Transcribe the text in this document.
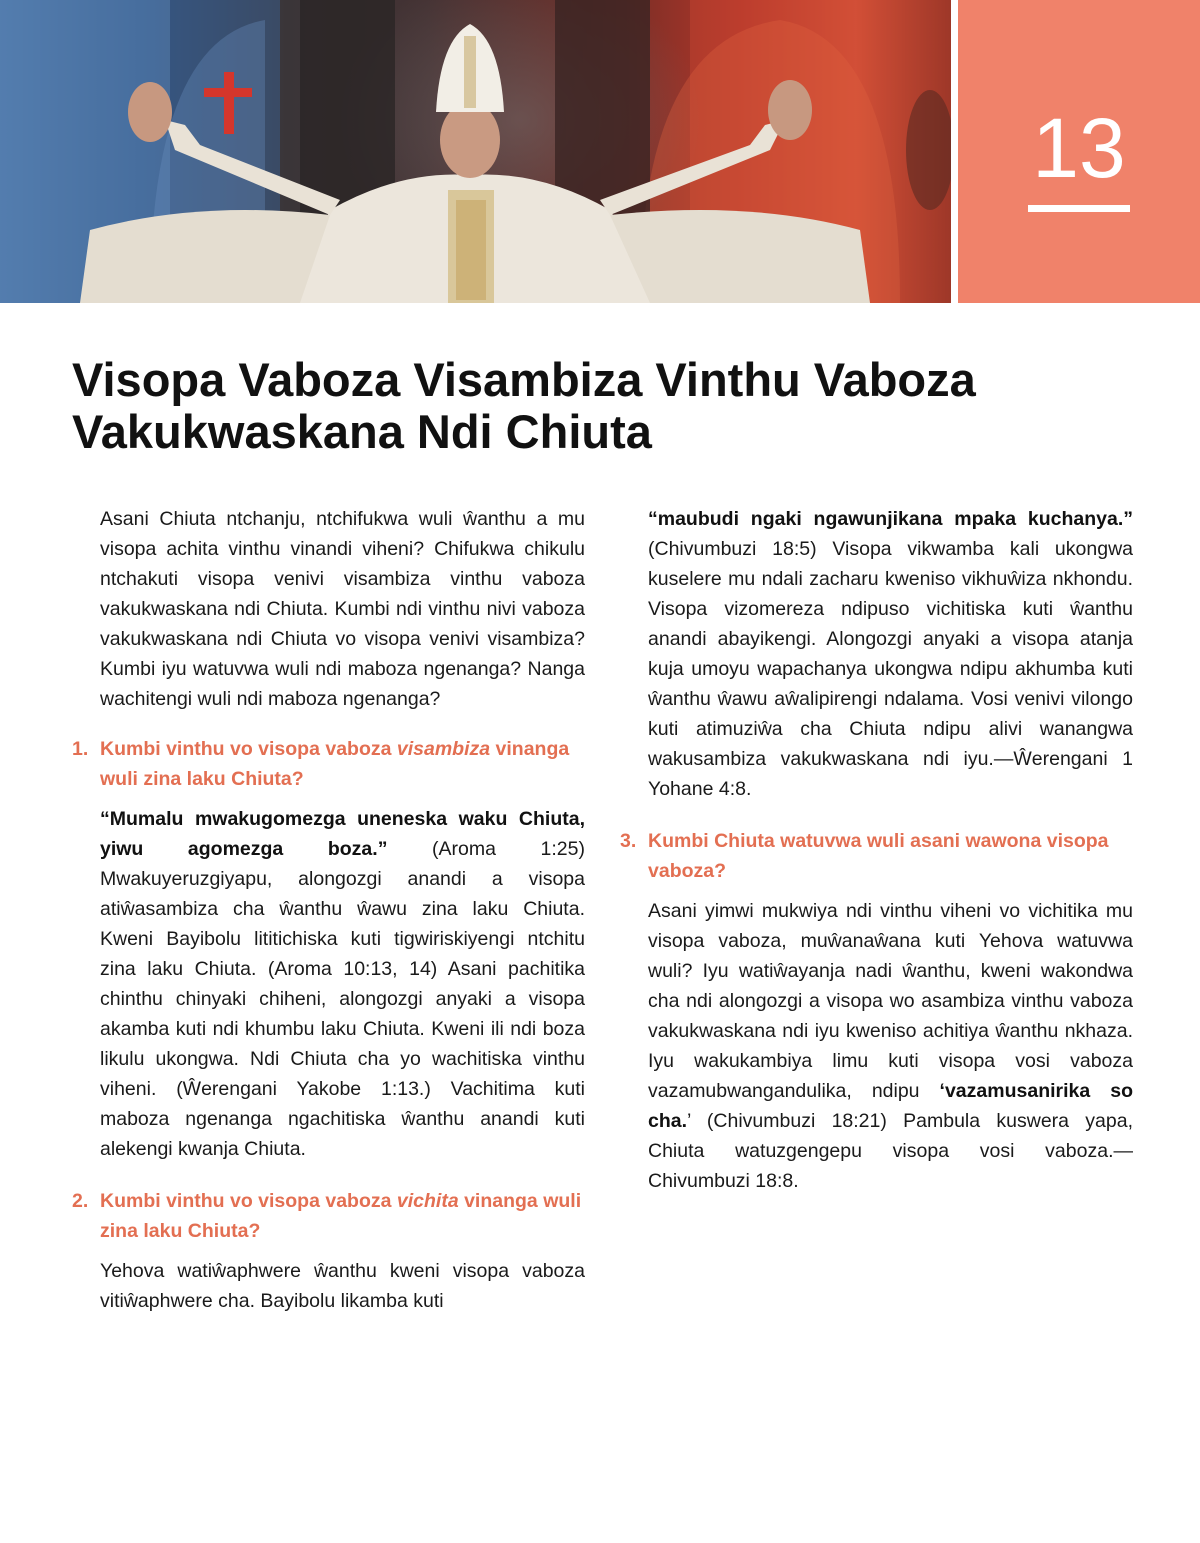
13
Visopa Vaboza Visambiza Vinthu Vaboza Vakukwaskana Ndi Chiuta

Asani Chiuta ntchanju, ntchifukwa wuli ŵanthu a mu visopa achita vinthu vinandi viheni? Chifukwa chikulu ntchakuti visopa venivi visambiza vinthu vaboza vakukwaskana ndi Chiuta. Kumbi ndi vinthu nivi vaboza vakukwaskana ndi Chiuta vo visopa venivi visambiza? Kumbi iyu watuvwa wuli ndi maboza ngenanga? Nanga wachitengi wuli ndi maboza ngenanga?

1. Kumbi vinthu vo visopa vaboza visambiza vinanga wuli zina laku Chiuta?

“Mumalu mwakugomezga uneneska waku Chiuta, yiwu agomezga boza.” (Aroma 1:25) Mwakuyeruzgiyapu, alongozgi anandi a visopa atiŵasambiza cha ŵanthu ŵawu zina laku Chiuta. Kweni Bayibolu lititichiska kuti tigwiriskiyengi ntchitu zina laku Chiuta. (Aroma 10:13, 14) Asani pachitika chinthu chinyaki chiheni, alongozgi anyaki a visopa akamba kuti ndi khumbu laku Chiuta. Kweni ili ndi boza likulu ukongwa. Ndi Chiuta cha yo wachitiska vinthu viheni. (Ŵerengani Yakobe 1:13.) Vachitima kuti maboza ngenanga ngachitiska ŵanthu anandi kuti alekengi kwanja Chiuta.

2. Kumbi vinthu vo visopa vaboza vichita vinanga wuli zina laku Chiuta?

Yehova watiŵaphwere ŵanthu kweni visopa vaboza vitiŵaphwere cha. Bayibolu likamba kuti

“maubudi ngaki ngawunjikana mpaka kuchanya.” (Chivumbuzi 18:5) Visopa vikwamba kali ukongwa kuselere mu ndali zacharu kweniso vikhuŵiza nkhondu. Visopa vizomereza ndipuso vichitiska kuti ŵanthu anandi abayikengi. Alongozgi anyaki a visopa atanja kuja umoyu wapachanya ukongwa ndipu akhumba kuti ŵanthu ŵawu aŵalipirengi ndalama. Vosi venivi vilongo kuti atimuziŵa cha Chiuta ndipu alivi wanangwa wakusambiza vakukwaskana ndi iyu.—Ŵerengani 1 Yohane 4:8.

3. Kumbi Chiuta watuvwa wuli asani wawona visopa vaboza?

Asani yimwi mukwiya ndi vinthu viheni vo vichitika mu visopa vaboza, muŵanaŵana kuti Yehova watuvwa wuli? Iyu watiŵayanja nadi ŵanthu, kweni wakondwa cha ndi alongozgi a visopa wo asambiza vinthu vaboza vakukwaskana ndi iyu kweniso achitiya ŵanthu nkhaza. Iyu wakukambiya limu kuti visopa vosi vaboza vazamubwangandulika, ndipu ‘vazamusanirika so cha.’ (Chivumbuzi 18:21) Pambula kuswera yapa, Chiuta watuzgengepu visopa vosi vaboza.—Chivumbuzi 18:8.
